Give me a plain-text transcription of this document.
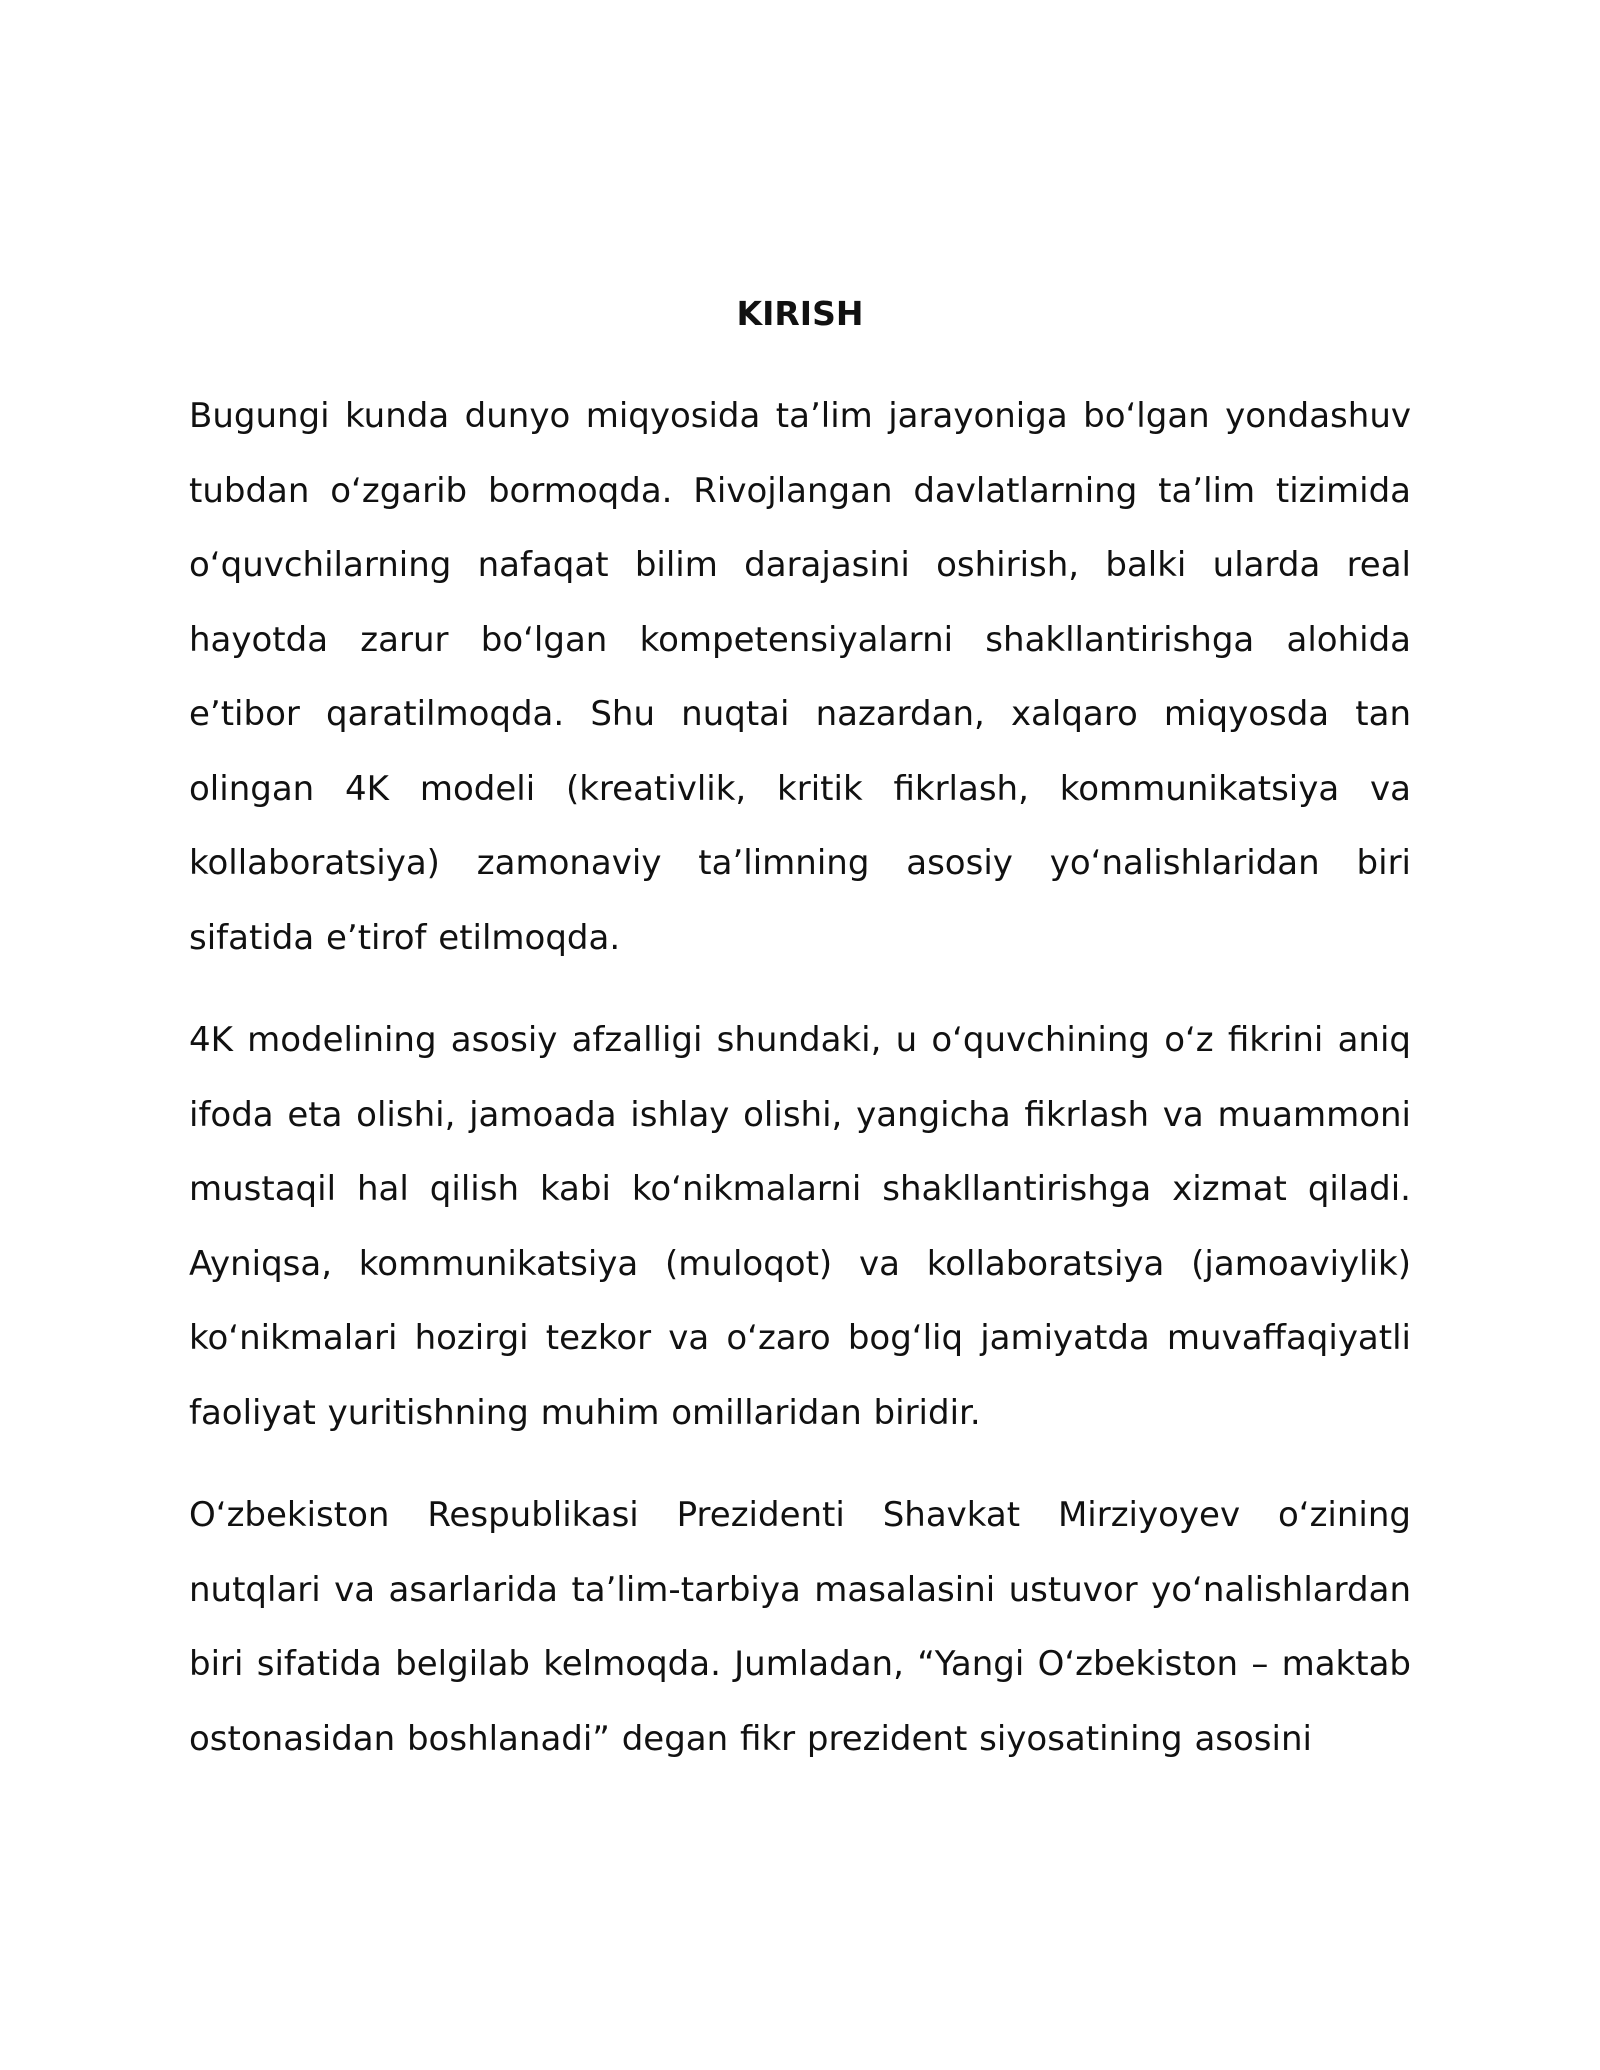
KIRISH

Bugungi kunda dunyo miqyosida taʼlim jarayoniga boʻlgan yondashuv tubdan oʻzgarib bormoqda. Rivojlangan davlatlarning taʼlim tizimida oʻquvchilarning nafaqat bilim darajasini oshirish, balki ularda real hayotda zarur boʻlgan kompetensiyalarni shakllantirishga alohida eʼtibor qaratilmoqda. Shu nuqtai nazardan, xalqaro miqyosda tan olingan 4K modeli (kreativlik, kritik fikrlash, kommunikatsiya va kollaboratsiya) zamonaviy taʼlimning asosiy yoʻnalishlaridan biri sifatida eʼtirof etilmoqda.

4K modelining asosiy afzalligi shundaki, u oʻquvchining oʻz fikrini aniq ifoda eta olishi, jamoada ishlay olishi, yangicha fikrlash va muammoni mustaqil hal qilish kabi koʻnikmalarni shakllantirishga xizmat qiladi. Ayniqsa, kommunikatsiya (muloqot) va kollaboratsiya (jamoaviylik) koʻnikmalari hozirgi tezkor va oʻzaro bogʻliq jamiyatda muvaffaqiyatli faoliyat yuritishning muhim omillaridan biridir.

Oʻzbekiston Respublikasi Prezidenti Shavkat Mirziyoyev oʻzining nutqlari va asarlarida taʼlim-tarbiya masalasini ustuvor yoʻnalishlardan biri sifatida belgilab kelmoqda. Jumladan, “Yangi Oʻzbekiston – maktab ostonasidan boshlanadi” degan fikr prezident siyosatining asosini
